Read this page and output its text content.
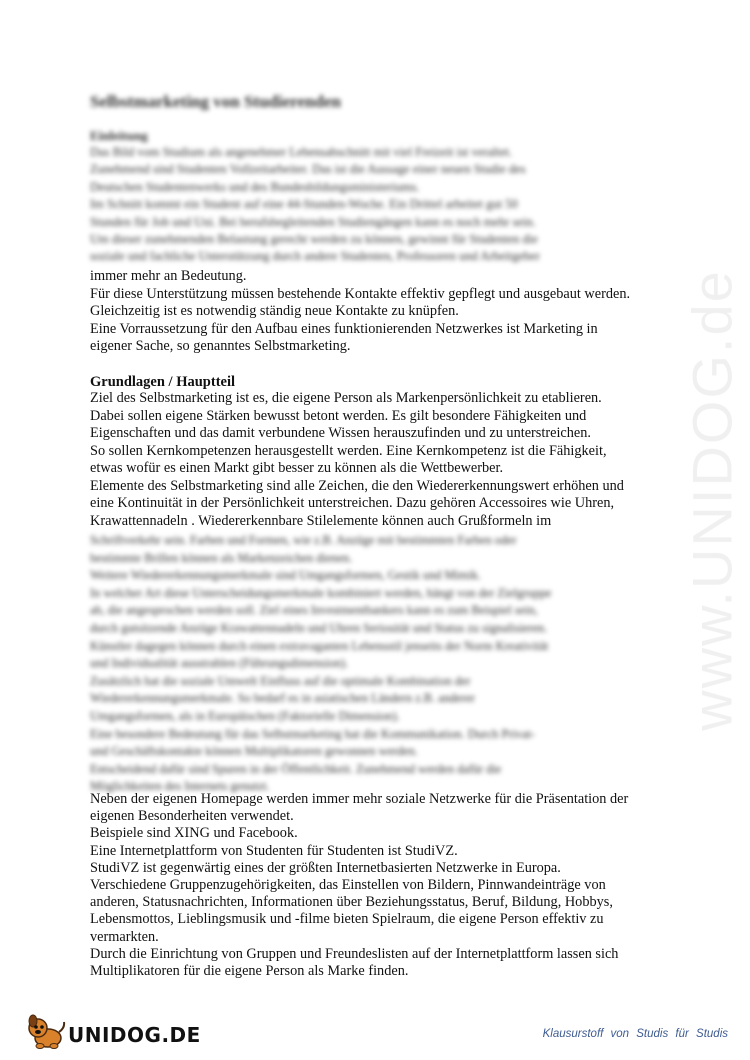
Selbstmarketing von Studierenden
Einleitung

Das Bild vom Studium als angenehmer Lebensabschnitt mit viel Freizeit ist veraltet.
Zunehmend sind Studenten Vollzeitarbeiter. Das ist die Aussage einer neuen Studie des
Deutschen Studentenwerks und des Bundesbildungsministeriums.
Im Schnitt kommt ein Student auf eine 44-Stunden-Woche. Ein Drittel arbeitet gut 50
Stunden für Job und Uni. Bei berufsbegleitenden Studiengängen kann es noch mehr sein.
Um dieser zunehmenden Belastung gerecht werden zu können, gewinnt für Studenten die
soziale und fachliche Unterstützung durch andere Studenten, Professoren und Arbeitgeber

immer mehr an Bedeutung.
Für diese Unterstützung müssen bestehende Kontakte effektiv gepflegt und ausgebaut werden.
Gleichzeitig ist es notwendig ständig neue Kontakte zu knüpfen.
Eine Vorraussetzung für den Aufbau eines funktionierenden Netzwerkes ist Marketing in
eigener Sache, so genanntes Selbstmarketing.

Grundlagen / Hauptteil

Ziel des Selbstmarketing ist es, die eigene Person als Markenpersönlichkeit zu etablieren.
Dabei sollen eigene Stärken bewusst betont werden. Es gilt besondere Fähigkeiten und
Eigenschaften und das damit verbundene Wissen herauszufinden und zu unterstreichen.
So sollen Kernkompetenzen herausgestellt werden. Eine Kernkompetenz ist die Fähigkeit,
etwas wofür es einen Markt gibt besser zu können als die Wettbewerber.
Elemente des Selbstmarketing sind alle Zeichen, die den Wiedererkennungswert erhöhen und
eine Kontinuität in der Persönlichkeit unterstreichen. Dazu gehören Accessoires wie Uhren,
Krawattennadeln . Wiedererkennbare Stilelemente können auch Grußformeln im

Schriftverkehr sein. Farben und Formen, wie z.B. Anzüge mit bestimmten Farben oder
bestimmte Brillen können als Markenzeichen dienen.
Weitere Wiedererkennungsmerkmale sind Umgangsformen, Gestik und Mimik.
In welcher Art diese Unterscheidungsmerkmale kombiniert werden, hängt von der Zielgruppe
ab, die angesprochen werden soll. Ziel eines Investmentbankers kann es zum Beispiel sein,
durch gutsitzende Anzüge Krawattennadeln und Uhren Seriosität und Status zu signalisieren.
Künstler dagegen können durch einen extravaganten Lebensstil jenseits der Norm Kreativität
und Individualität ausstrahlen (Führungsdimension).
Zusätzlich hat die soziale Umwelt Einfluss auf die optimale Kombination der
Wiedererkennungsmerkmale. So bedarf es in asiatischen Ländern z.B. anderer
Umgangsformen, als in Europäischen (Faktorielle Dimension).
Eine besondere Bedeutung für das Selbstmarketing hat die Kommunikation. Durch Privat-
und Geschäftskontakte können Multiplikatoren gewonnen werden.
Entscheidend dafür sind Spuren in der Öffentlichkeit. Zunehmend werden dafür die
Möglichkeiten des Internets genutzt.

Neben der eigenen Homepage werden immer mehr soziale Netzwerke für die Präsentation der
eigenen Besonderheiten verwendet.
Beispiele sind XING und Facebook.
Eine Internetplattform von Studenten für Studenten ist StudiVZ.
StudiVZ ist gegenwärtig eines der größten Internetbasierten Netzwerke in Europa.
Verschiedene Gruppenzugehörigkeiten, das Einstellen von Bildern, Pinnwandeinträge von
anderen, Statusnachrichten, Informationen über Beziehungsstatus, Beruf, Bildung, Hobbys,
Lebensmottos, Lieblingsmusik und -filme bieten Spielraum, die eigene Person effektiv zu
vermarkten.
Durch die Einrichtung von Gruppen und Freundeslisten auf der Internetplattform lassen sich
Multiplikatoren für die eigene Person als Marke finden.

www.UNIDOG.de
UNIDOG.DE	Klausurstoff von Studis für Studis
